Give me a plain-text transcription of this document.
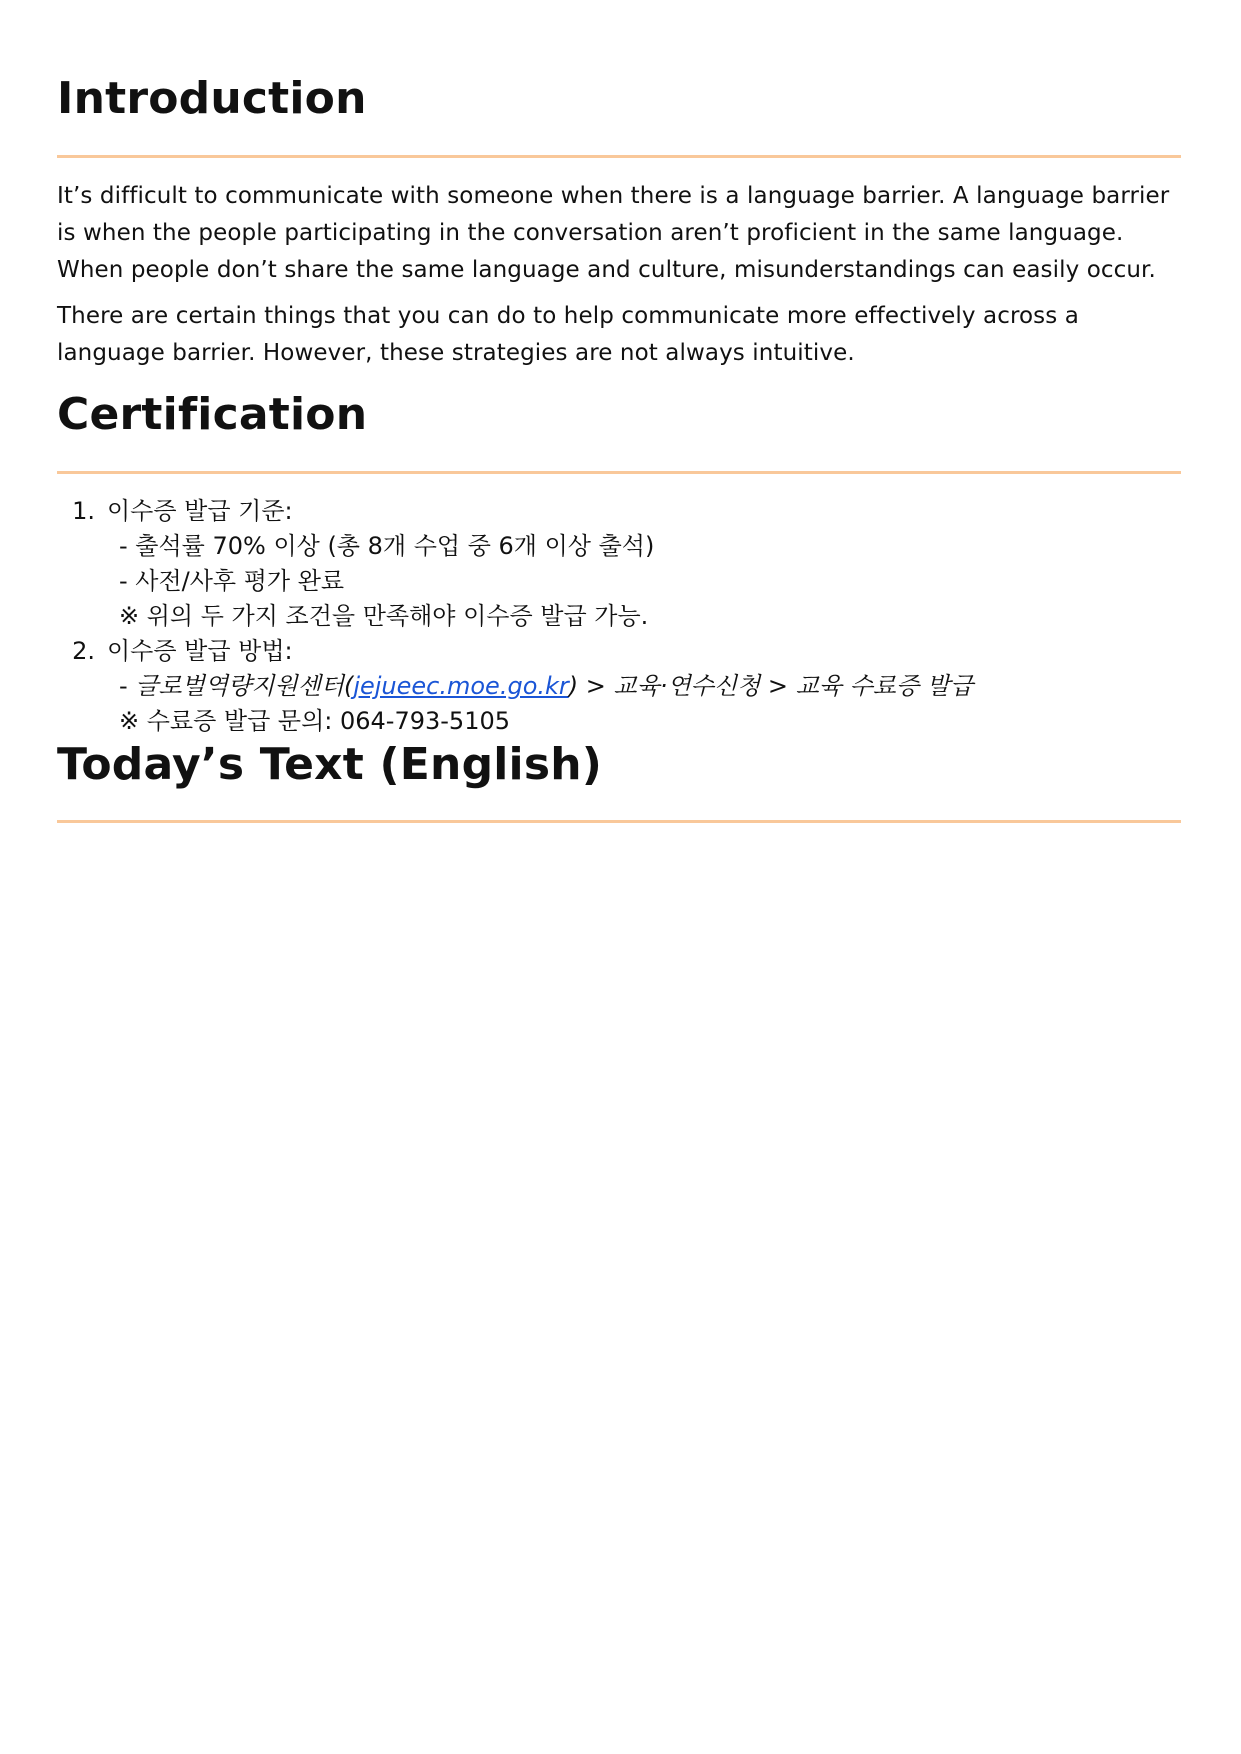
Introduction

It’s difficult to communicate with someone when there is a language barrier. A language barrier is when the people participating in the conversation aren’t proficient in the same language. When people don’t share the same language and culture, misunderstandings can easily occur.

There are certain things that you can do to help communicate more effectively across a language barrier. However, these strategies are not always intuitive.

Certification
1. 이수증 발급 기준:
- 출석률 70% 이상 (총 8개 수업 중 6개 이상 출석)
- 사전/사후 평가 완료
※ 위의 두 가지 조건을 만족해야 이수증 발급 가능.
2. 이수증 발급 방법:
- 글로벌역량지원센터(jejueec.moe.go.kr) > 교육·연수신청 > 교육 수료증 발급
※ 수료증 발급 문의: 064-793-5105
Today’s Text (English)
